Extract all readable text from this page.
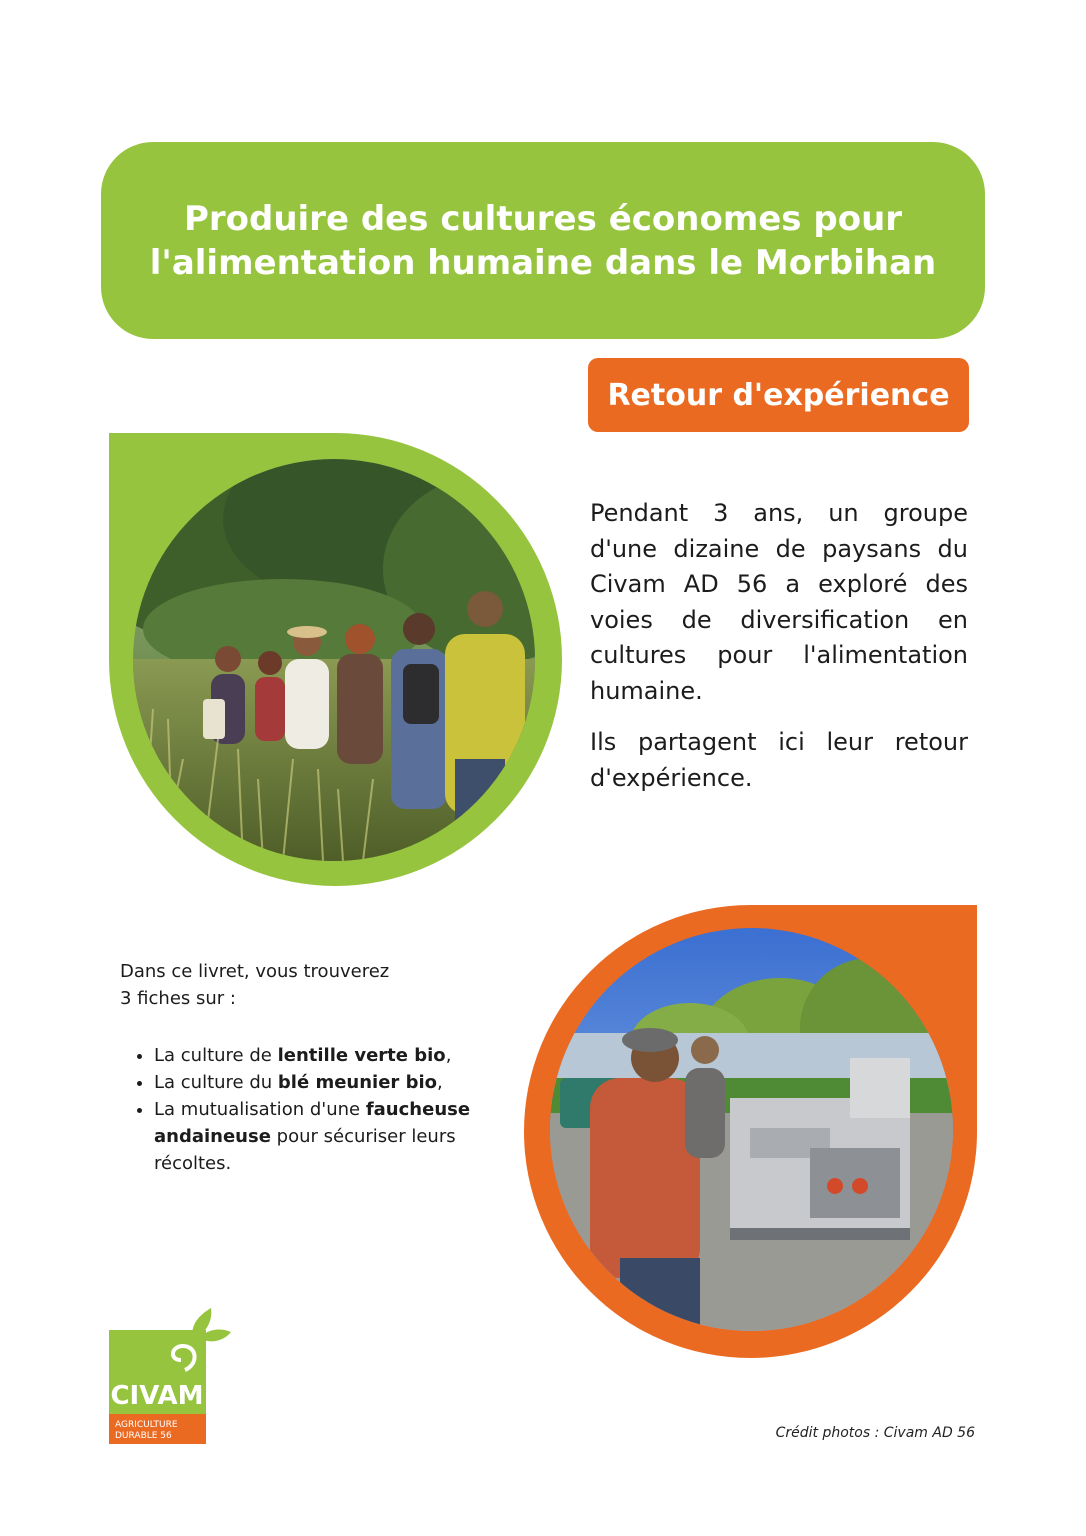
Produire des cultures économes pour
l'alimentation humaine dans le Morbihan
Retour d'expérience

Pendant 3 ans, un groupe d'une dizaine de paysans du Civam AD 56 a exploré des voies de diversification en cultures pour l'alimentation humaine.

Ils partagent ici leur retour d'expérience.

Dans ce livret, vous trouverez
3 fiches sur :

• La culture de lentille verte bio,
• La culture du blé meunier bio,
• La mutualisation d'une faucheuse andaineuse pour sécuriser leurs récoltes.
CIVAM
AGRICULTURE
DURABLE 56	Crédit photos : Civam AD 56
